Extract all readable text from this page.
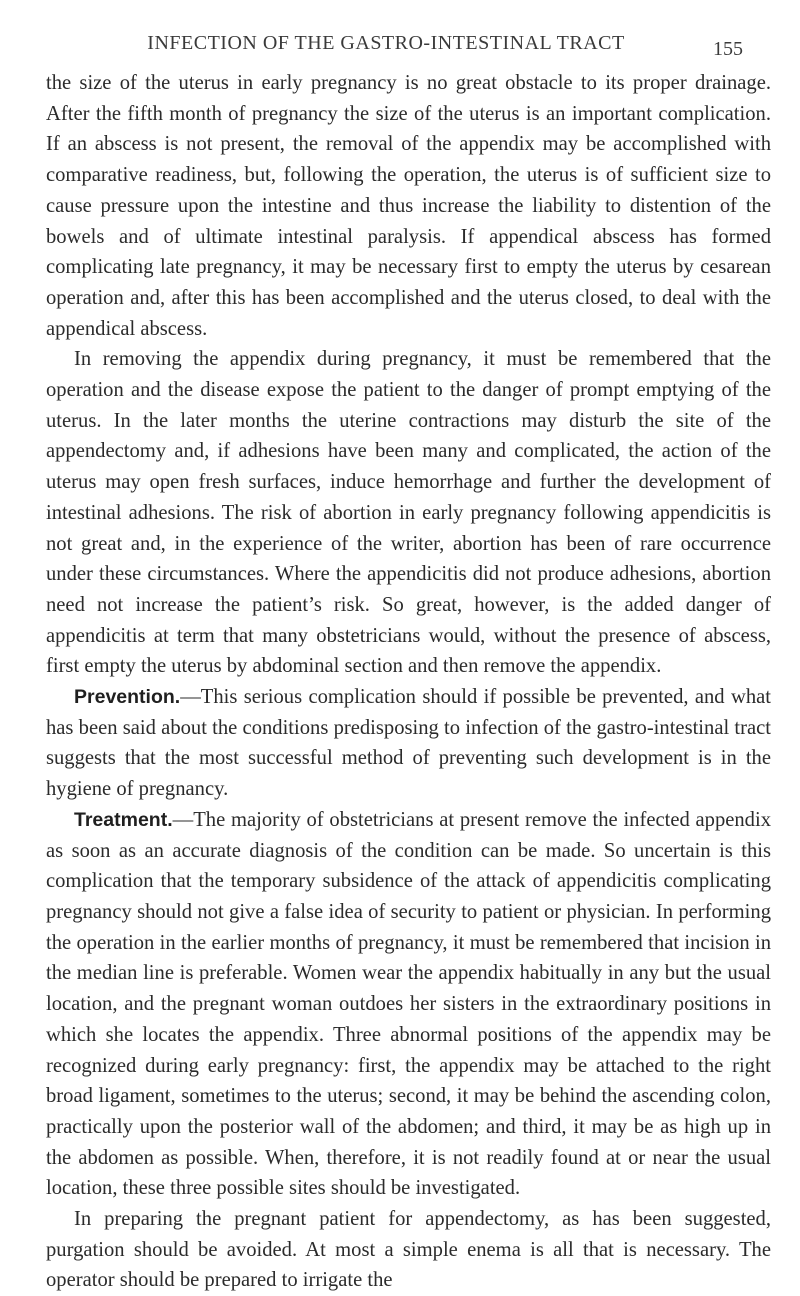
INFECTION OF THE GASTRO-INTESTINAL TRACT	155

the size of the uterus in early pregnancy is no great obstacle to its proper drainage. After the fifth month of pregnancy the size of the uterus is an important complication. If an abscess is not present, the removal of the appendix may be accomplished with comparative readiness, but, following the operation, the uterus is of sufficient size to cause pressure upon the intestine and thus increase the liability to distention of the bowels and of ultimate intestinal paralysis. If appendical abscess has formed complicating late pregnancy, it may be necessary first to empty the uterus by cesarean operation and, after this has been accomplished and the uterus closed, to deal with the appendical abscess.

In removing the appendix during pregnancy, it must be remembered that the operation and the disease expose the patient to the danger of prompt emptying of the uterus. In the later months the uterine contractions may disturb the site of the appendectomy and, if adhesions have been many and complicated, the action of the uterus may open fresh surfaces, induce hemorrhage and further the development of intestinal adhesions. The risk of abortion in early pregnancy following appendicitis is not great and, in the experience of the writer, abortion has been of rare occurrence under these circumstances. Where the appendicitis did not produce adhesions, abortion need not increase the patient’s risk. So great, however, is the added danger of appendicitis at term that many obstetricians would, without the presence of abscess, first empty the uterus by abdominal section and then remove the appendix.

Prevention.—This serious complication should if possible be prevented, and what has been said about the conditions predisposing to infection of the gastro-intestinal tract suggests that the most successful method of preventing such development is in the hygiene of pregnancy.

Treatment.—The majority of obstetricians at present remove the infected appendix as soon as an accurate diagnosis of the condition can be made. So uncertain is this complication that the temporary subsidence of the attack of appendicitis complicating pregnancy should not give a false idea of security to patient or physician. In performing the operation in the earlier months of pregnancy, it must be remembered that incision in the median line is preferable. Women wear the appendix habitually in any but the usual location, and the pregnant woman outdoes her sisters in the extraordinary positions in which she locates the appendix. Three abnormal positions of the appendix may be recognized during early pregnancy: first, the appendix may be attached to the right broad ligament, sometimes to the uterus; second, it may be behind the ascending colon, practically upon the posterior wall of the abdomen; and third, it may be as high up in the abdomen as possible. When, therefore, it is not readily found at or near the usual location, these three possible sites should be investigated.

In preparing the pregnant patient for appendectomy, as has been suggested, purgation should be avoided. At most a simple enema is all that is necessary. The operator should be prepared to irrigate the
